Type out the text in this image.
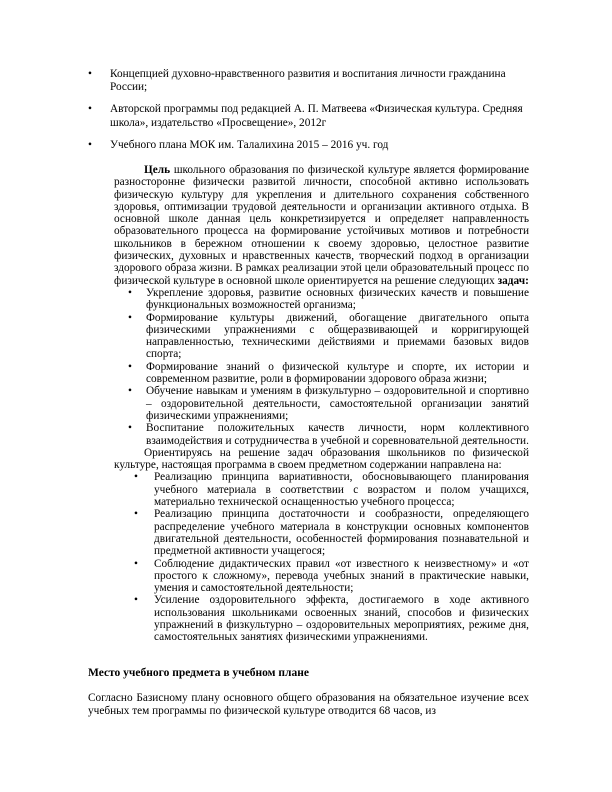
• Концепцией духовно-нравственного развития и воспитания личности гражданина России;
• Авторской программы под редакцией А. П. Матвеева «Физическая культура. Средняя школа», издательство «Просвещение», 2012г
• Учебного плана МОК им. Талалихина 2015 – 2016 уч. год

Цель школьного образования по физической культуре является формирование разносторонне физически развитой личности, способной активно использовать физическую культуру для укрепления и длительного сохранения собственного здоровья, оптимизации трудовой деятельности и организации активного отдыха. В основной школе данная цель конкретизируется и определяет направленность образовательного процесса на формирование устойчивых мотивов и потребности школьников в бережном отношении к своему здоровью, целостное развитие физических, духовных и нравственных качеств, творческий подход в организации здорового образа жизни. В рамках реализации этой цели образовательный процесс по физической культуре в основной школе ориентируется на решение следующих задач:

• Укрепление здоровья, развитие основных физических качеств и повышение функциональных возможностей организма;
• Формирование культуры движений, обогащение двигательного опыта физическими упражнениями с общеразвивающей и корригирующей направленностью, техническими действиями и приемами базовых видов спорта;
• Формирование знаний о физической культуре и спорте, их истории и современном развитие, роли в формировании здорового образа жизни;
• Обучение навыкам и умениям в физкультурно – оздоровительной и спортивно – оздоровительной деятельности, самостоятельной организации занятий физическими упражнениями;
• Воспитание положительных качеств личности, норм коллективного взаимодействия и сотрудничества в учебной и соревновательной деятельности.

Ориентируясь на решение задач образования школьников по физической культуре, настоящая программа в своем предметном содержании направлена на:

• Реализацию принципа вариативности, обосновывающего планирования учебного материала в соответствии с возрастом и полом учащихся, материально технической оснащенностью учебного процесса;
• Реализацию принципа достаточности и сообразности, определяющего распределение учебного материала в конструкции основных компонентов двигательной деятельности, особенностей формирования познавательной и предметной активности учащегося;
• Соблюдение дидактических правил «от известного к неизвестному» и «от простого к сложному», перевода учебных знаний в практические навыки, умения и самостоятельной деятельности;
• Усиление оздоровительного эффекта, достигаемого в ходе активного использования школьниками освоенных знаний, способов и физических упражнений в физкультурно – оздоровительных мероприятиях, режиме дня, самостоятельных занятиях физическими упражнениями.
Место учебного предмета в учебном плане

Согласно Базисному плану основного общего образования на обязательное изучение всех учебных тем программы по физической культуре отводится 68 часов, из
